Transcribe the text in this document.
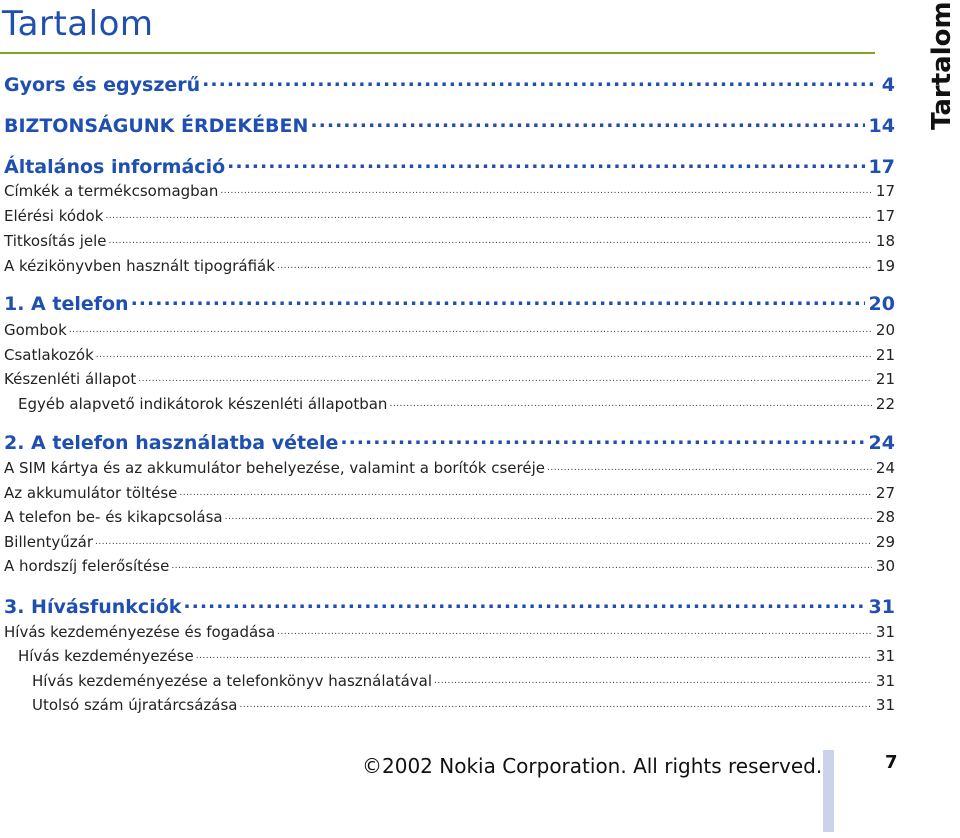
Tartalom	Tartalom
Gyors és egyszerű .....	4
BIZTONSÁGUNK ÉRDEKÉBEN .....	14
Általános információ .....	17
Címkék a termékcsomagban .....	17
Elérési kódok .....	17
Titkosítás jele .....	18
A kézikönyvben használt tipográfiák .....	19
1. A telefon .....	20
Gombok .....	20
Csatlakozók .....	21
Készenléti állapot .....	21
Egyéb alapvető indikátorok készenléti állapotban .....	22
2. A telefon használatba vétele .....	24
A SIM kártya és az akkumulátor behelyezése, valamint a borítók cseréje .....	24
Az akkumulátor töltése .....	27
A telefon be- és kikapcsolása .....	28
Billentyűzár .....	29
A hordszíj felerősítése .....	30
3. Hívásfunkciók .....	31
Hívás kezdeményezése és fogadása .....	31
Hívás kezdeményezése .....	31
Hívás kezdeményezése a telefonkönyv használatával .....	31
Utolsó szám újratárcsázása .....	31
©2002 Nokia Corporation. All rights reserved.	7
